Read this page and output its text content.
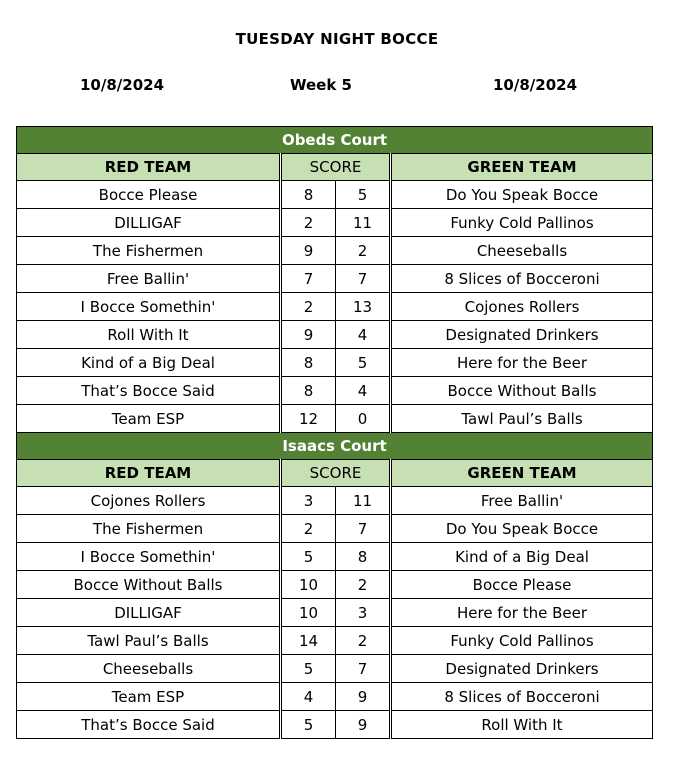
TUESDAY NIGHT BOCCE
10/8/2024	Week 5	10/8/2024
Obeds Court			
RED TEAM	SCORE		GREEN TEAM
Bocce Please	8	5	Do You Speak Bocce
DILLIGAF	2	11	Funky Cold Pallinos
The Fishermen	9	2	Cheeseballs
Free Ballin'	7	7	8 Slices of Bocceroni
I Bocce Somethin'	2	13	Cojones Rollers
Roll With It	9	4	Designated Drinkers
Kind of a Big Deal	8	5	Here for the Beer
That’s Bocce Said	8	4	Bocce Without Balls
Team ESP	12	0	Tawl Paul’s Balls
Isaacs Court			
RED TEAM	SCORE		GREEN TEAM
Cojones Rollers	3	11	Free Ballin'
The Fishermen	2	7	Do You Speak Bocce
I Bocce Somethin'	5	8	Kind of a Big Deal
Bocce Without Balls	10	2	Bocce Please
DILLIGAF	10	3	Here for the Beer
Tawl Paul’s Balls	14	2	Funky Cold Pallinos
Cheeseballs	5	7	Designated Drinkers
Team ESP	4	9	8 Slices of Bocceroni
That’s Bocce Said	5	9	Roll With It
